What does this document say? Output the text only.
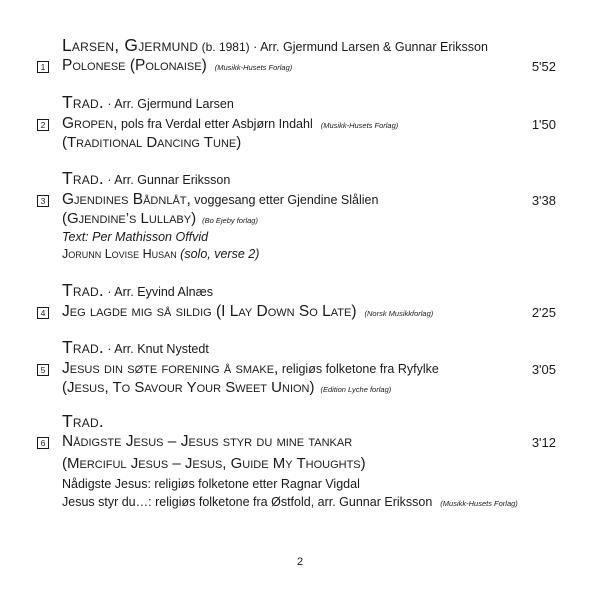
Larsen, Gjermund (b. 1981) · Arr. Gjermund Larsen & Gunnar Eriksson
1 Polonese (Polonaise) (Musikk-Husets Forlag)	5'52
Trad. · Arr. Gjermund Larsen
2 Gropen, pols fra Verdal etter Asbjørn Indahl (Musikk-Husets Forlag)	1'50
(Traditional Dancing Tune)
Trad. · Arr. Gunnar Eriksson
3 Gjendines Bådnlåt, voggesang etter Gjendine Slålien	3'38
(Gjendine’s Lullaby) (Bo Ejeby forlag)
Text: Per Mathisson Offvid
Jorunn Lovise Husan (solo, verse 2)
Trad. · Arr. Eyvind Alnæs
4 Jeg lagde mig så sildig (I Lay Down So Late) (Norsk Musikkforlag)	2'25
Trad. · Arr. Knut Nystedt
5 Jesus din søte forening å smake, religiøs folketone fra Ryfylke	3'05
(Jesus, To Savour Your Sweet Union) (Edition Lyche forlag)
Trad.
6 Nådigste Jesus – Jesus styr du mine tankar	3'12
(Merciful Jesus – Jesus, Guide My Thoughts)
Nådigste Jesus: religiøs folketone etter Ragnar Vigdal
Jesus styr du…: religiøs folketone fra Østfold, arr. Gunnar Eriksson (Musikk-Husets Forlag)
2
